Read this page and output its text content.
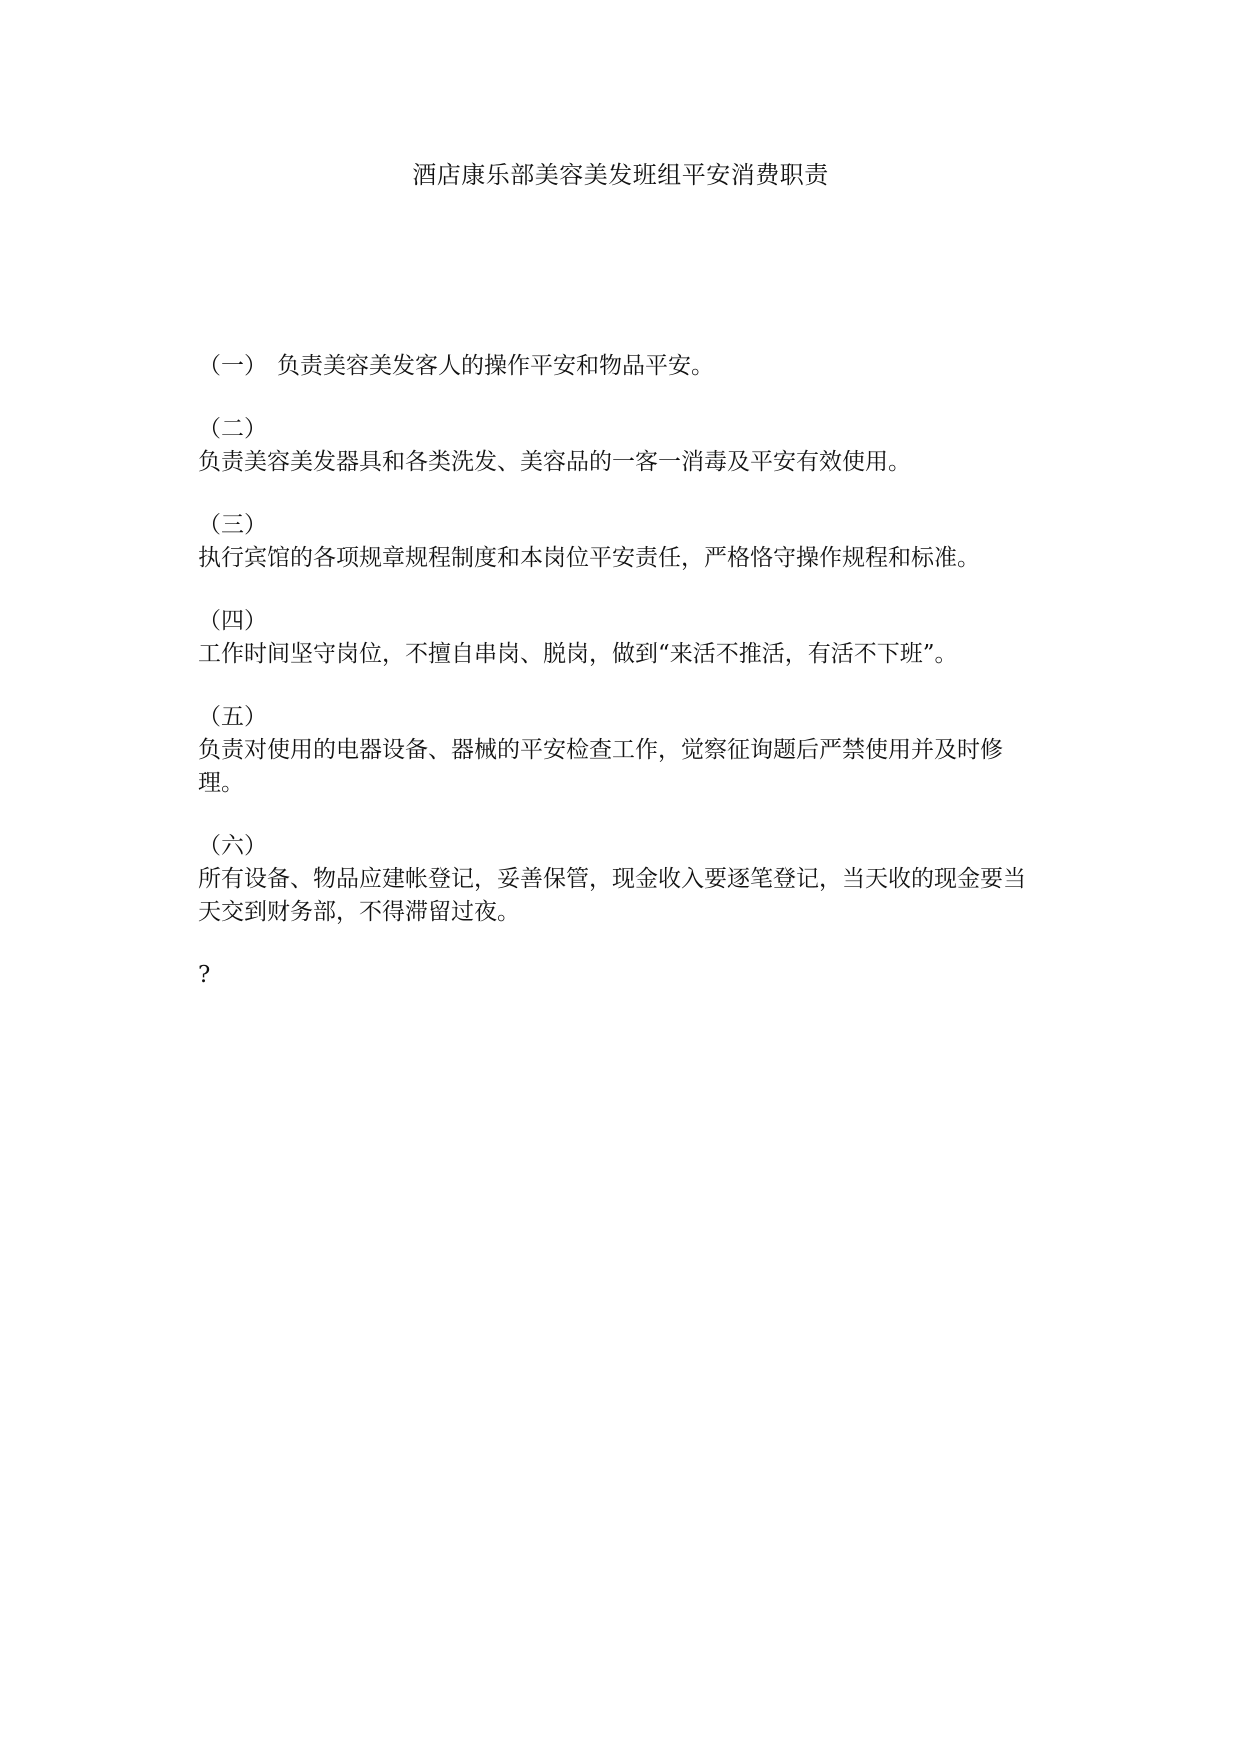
酒店康乐部美容美发班组平安消费职责
（一） 负责美容美发客人的操作平安和物品平安。
（二）
负责美容美发器具和各类洗发、美容品的一客一消毒及平安有效使用。
（三）
执行宾馆的各项规章规程制度和本岗位平安责任，严格恪守操作规程和标准。
（四）
工作时间坚守岗位，不擅自串岗、脱岗，做到“来活不推活，有活不下班”。
（五）
负责对使用的电器设备、器械的平安检查工作，觉察征询题后严禁使用并及时修理。
（六）
所有设备、物品应建帐登记，妥善保管，现金收入要逐笔登记，当天收的现金要当天交到财务部，不得滞留过夜。
?
